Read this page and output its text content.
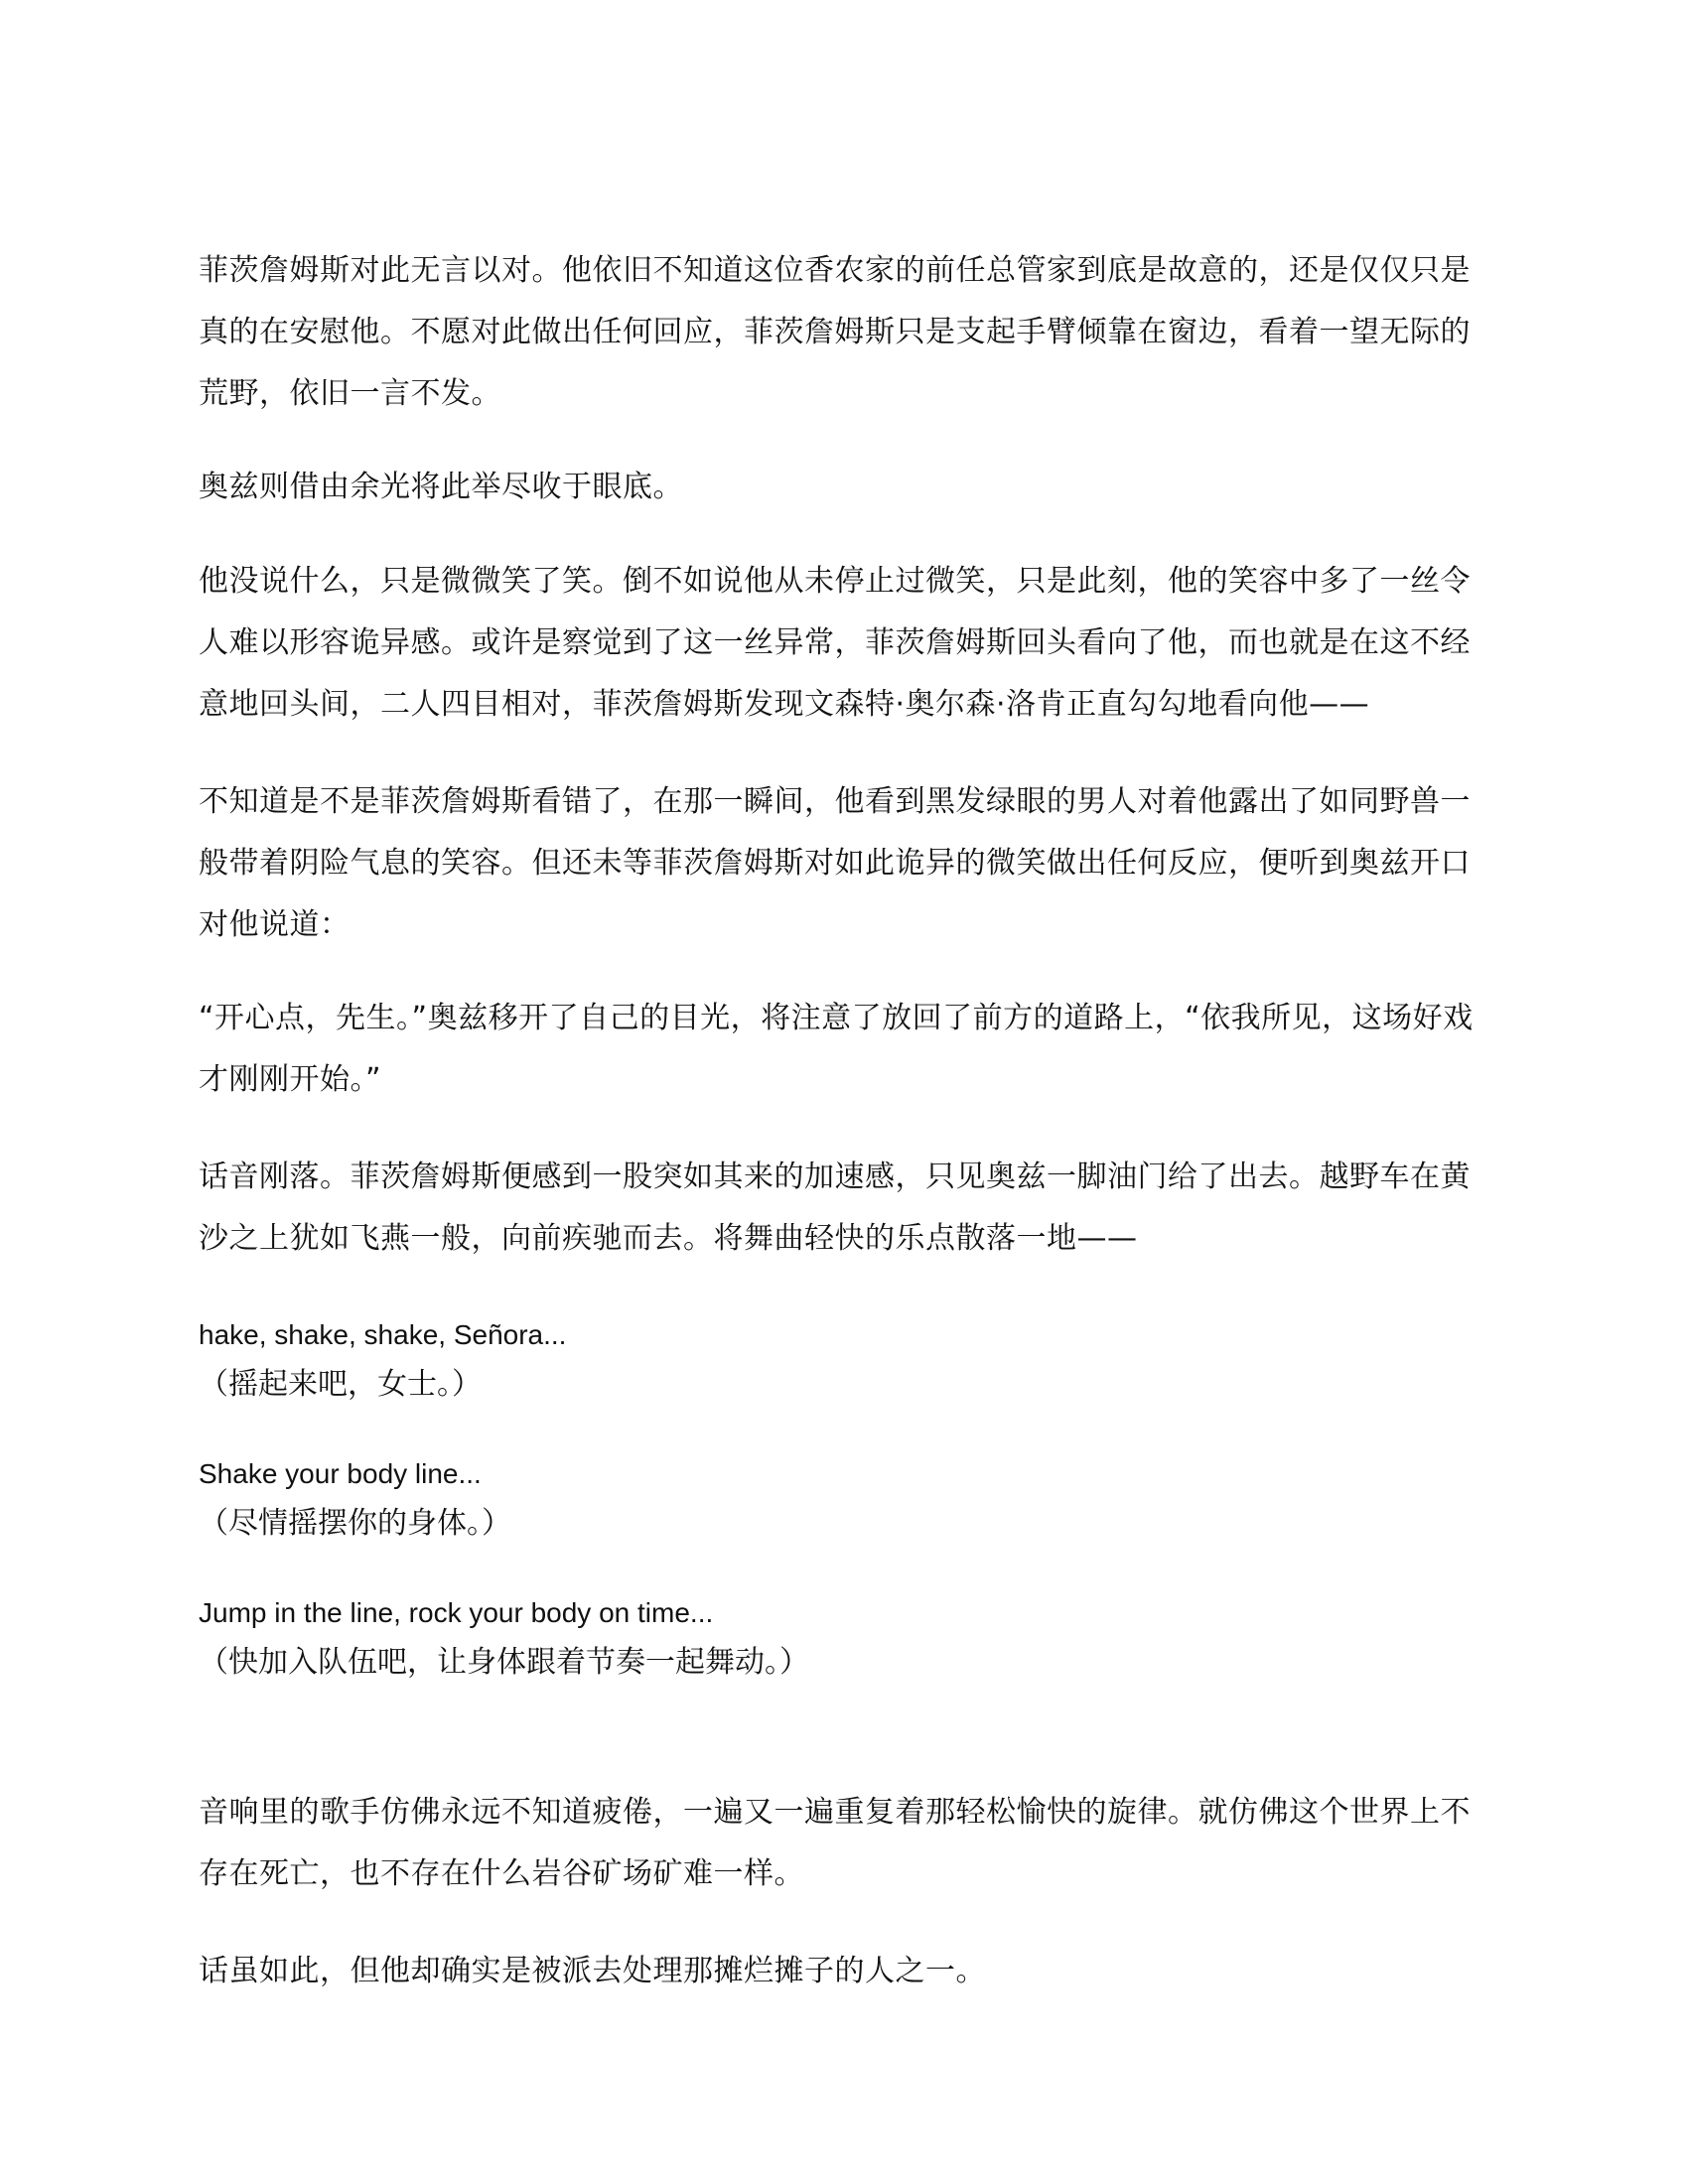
菲茨詹姆斯对此无言以对。他依旧不知道这位香农家的前任总管家到底是故意的，还是仅仅只是
真的在安慰他。不愿对此做出任何回应，菲茨詹姆斯只是支起手臂倾靠在窗边，看着一望无际的
荒野，依旧一言不发。

奥兹则借由余光将此举尽收于眼底。

他没说什么，只是微微笑了笑。倒不如说他从未停止过微笑，只是此刻，他的笑容中多了一丝令
人难以形容诡异感。或许是察觉到了这一丝异常，菲茨詹姆斯回头看向了他，而也就是在这不经
意地回头间，二人四目相对，菲茨詹姆斯发现文森特·奥尔森·洛肯正直勾勾地看向他——

不知道是不是菲茨詹姆斯看错了，在那一瞬间，他看到黑发绿眼的男人对着他露出了如同野兽一
般带着阴险气息的笑容。但还未等菲茨詹姆斯对如此诡异的微笑做出任何反应，便听到奥兹开口
对他说道：

“开心点，先生。”奥兹移开了自己的目光，将注意了放回了前方的道路上，“依我所见，这场好戏
才刚刚开始。”

话音刚落。菲茨詹姆斯便感到一股突如其来的加速感，只见奥兹一脚油门给了出去。越野车在黄
沙之上犹如飞燕一般，向前疾驰而去。将舞曲轻快的乐点散落一地——

hake, shake, shake, Señora...
（摇起来吧，女士。）
Shake your body line...
（尽情摇摆你的身体。）
Jump in the line, rock your body on time...
（快加入队伍吧，让身体跟着节奏一起舞动。）

音响里的歌手仿佛永远不知道疲倦，一遍又一遍重复着那轻松愉快的旋律。就仿佛这个世界上不
存在死亡，也不存在什么岩谷矿场矿难一样。

话虽如此，但他却确实是被派去处理那摊烂摊子的人之一。
